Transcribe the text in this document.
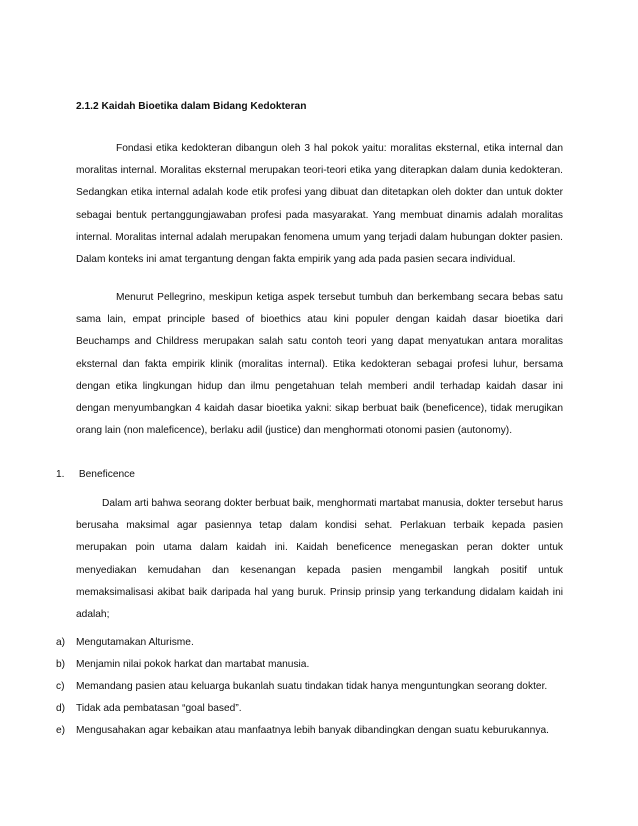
2.1.2 Kaidah Bioetika dalam Bidang Kedokteran

Fondasi etika kedokteran dibangun oleh 3 hal pokok yaitu: moralitas eksternal, etika internal dan moralitas internal. Moralitas eksternal merupakan teori-teori etika yang diterapkan dalam dunia kedokteran. Sedangkan etika internal adalah kode etik profesi yang dibuat dan ditetapkan oleh dokter dan untuk dokter sebagai bentuk pertanggungjawaban profesi pada masyarakat. Yang membuat dinamis adalah moralitas internal. Moralitas internal adalah merupakan fenomena umum yang terjadi dalam hubungan dokter pasien. Dalam konteks ini amat tergantung dengan fakta empirik yang ada pada pasien secara individual.

Menurut Pellegrino, meskipun ketiga aspek tersebut tumbuh dan berkembang secara bebas satu sama lain, empat principle based of bioethics atau kini populer dengan kaidah dasar bioetika dari Beuchamps and Childress merupakan salah satu contoh teori yang dapat menyatukan antara moralitas eksternal dan fakta empirik klinik (moralitas internal). Etika kedokteran sebagai profesi luhur, bersama dengan etika lingkungan hidup dan ilmu pengetahuan telah memberi andil terhadap kaidah dasar ini dengan menyumbangkan 4 kaidah dasar bioetika yakni: sikap berbuat baik (beneficence), tidak merugikan orang lain (non maleficence), berlaku adil (justice) dan menghormati otonomi pasien (autonomy).

1. Beneficence

Dalam arti bahwa seorang dokter berbuat baik, menghormati martabat manusia, dokter tersebut harus berusaha maksimal agar pasiennya tetap dalam kondisi sehat. Perlakuan terbaik kepada pasien merupakan poin utama dalam kaidah ini. Kaidah beneficence menegaskan peran dokter untuk menyediakan kemudahan dan kesenangan kepada pasien mengambil langkah positif untuk memaksimalisasi akibat baik daripada hal yang buruk. Prinsip prinsip yang terkandung didalam kaidah ini adalah;

a) Mengutamakan Alturisme.
b) Menjamin nilai pokok harkat dan martabat manusia.
c) Memandang pasien atau keluarga bukanlah suatu tindakan tidak hanya menguntungkan seorang dokter.
d) Tidak ada pembatasan “goal based”.
e) Mengusahakan agar kebaikan atau manfaatnya lebih banyak dibandingkan dengan suatu keburukannya.
